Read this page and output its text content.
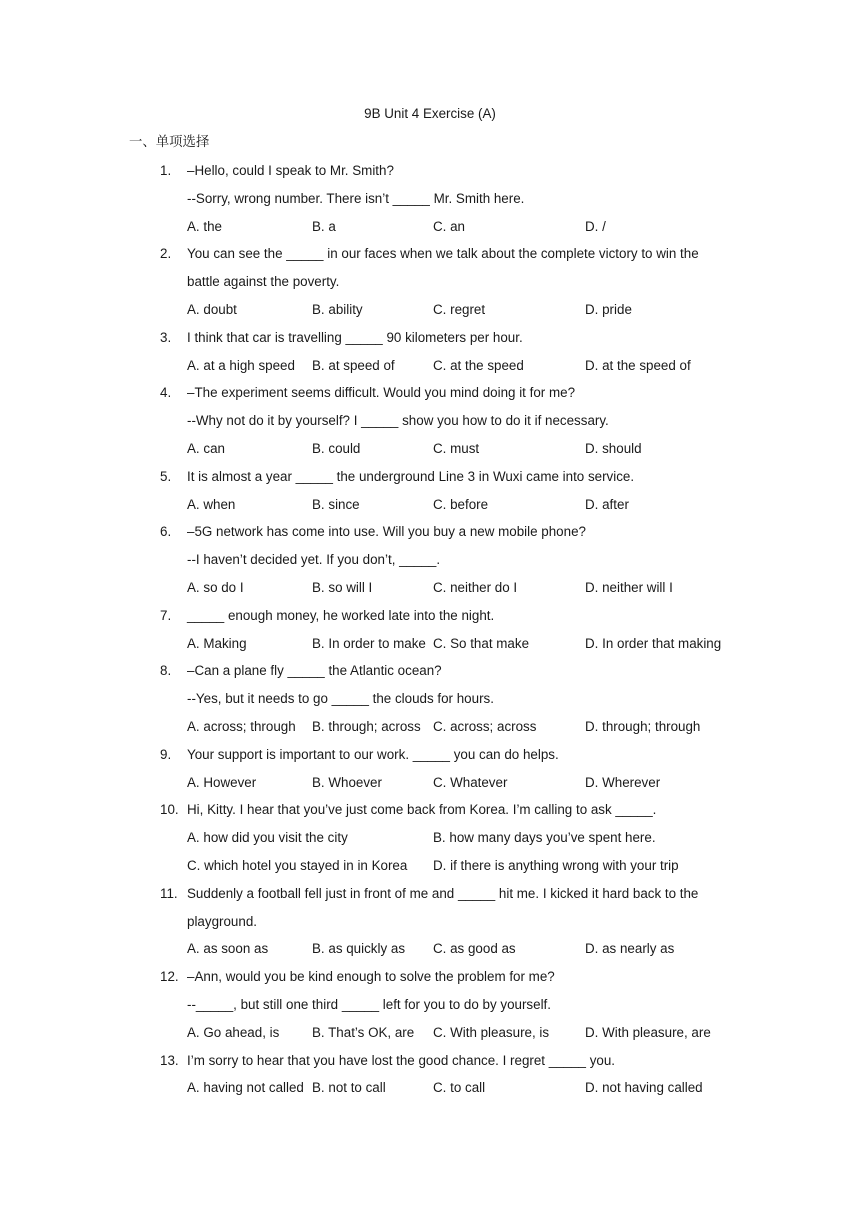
9B Unit 4 Exercise (A)
一、单项选择
1. –Hello, could I speak to Mr. Smith?
--Sorry, wrong number. There isn’t _____ Mr. Smith here.
A. the	B. a	C. an	D. /
2. You can see the _____ in our faces when we talk about the complete victory to win the
battle against the poverty.
A. doubt	B. ability	C. regret	D. pride
3. I think that car is travelling _____ 90 kilometers per hour.
A. at a high speed B. at speed of	C. at the speed	D. at the speed of
4. –The experiment seems difficult. Would you mind doing it for me?
--Why not do it by yourself? I _____ show you how to do it if necessary.
A. can	B. could	C. must	D. should
5. It is almost a year _____ the underground Line 3 in Wuxi came into service.
A. when	B. since	C. before	D. after
6. –5G network has come into use. Will you buy a new mobile phone?
--I haven’t decided yet. If you don’t, _____.
A. so do I	B. so will I	C. neither do I	D. neither will I
7. _____ enough money, he worked late into the night.
A. Making	B. In order to make C. So that make	D. In order that making
8. –Can a plane fly _____ the Atlantic ocean?
--Yes, but it needs to go _____ the clouds for hours.
A. across; through B. through; across C. across; across	D. through; through
9. Your support is important to our work. _____ you can do helps.
A. However	B. Whoever	C. Whatever	D. Wherever
10. Hi, Kitty. I hear that you’ve just come back from Korea. I’m calling to ask _____.
A. how did you visit the city	B. how many days you’ve spent here.
C. which hotel you stayed in in Korea D. if there is anything wrong with your trip
11. Suddenly a football fell just in front of me and _____ hit me. I kicked it hard back to the
playground.
A. as soon as	B. as quickly as C. as good as	D. as nearly as
12. –Ann, would you be kind enough to solve the problem for me?
--_____, but still one third _____ left for you to do by yourself.
A. Go ahead, is B. That’s OK, are C. With pleasure, is	D. With pleasure, are
13. I’m sorry to hear that you have lost the good chance. I regret _____ you.
A. having not called B. not to call	C. to call	D. not having called
